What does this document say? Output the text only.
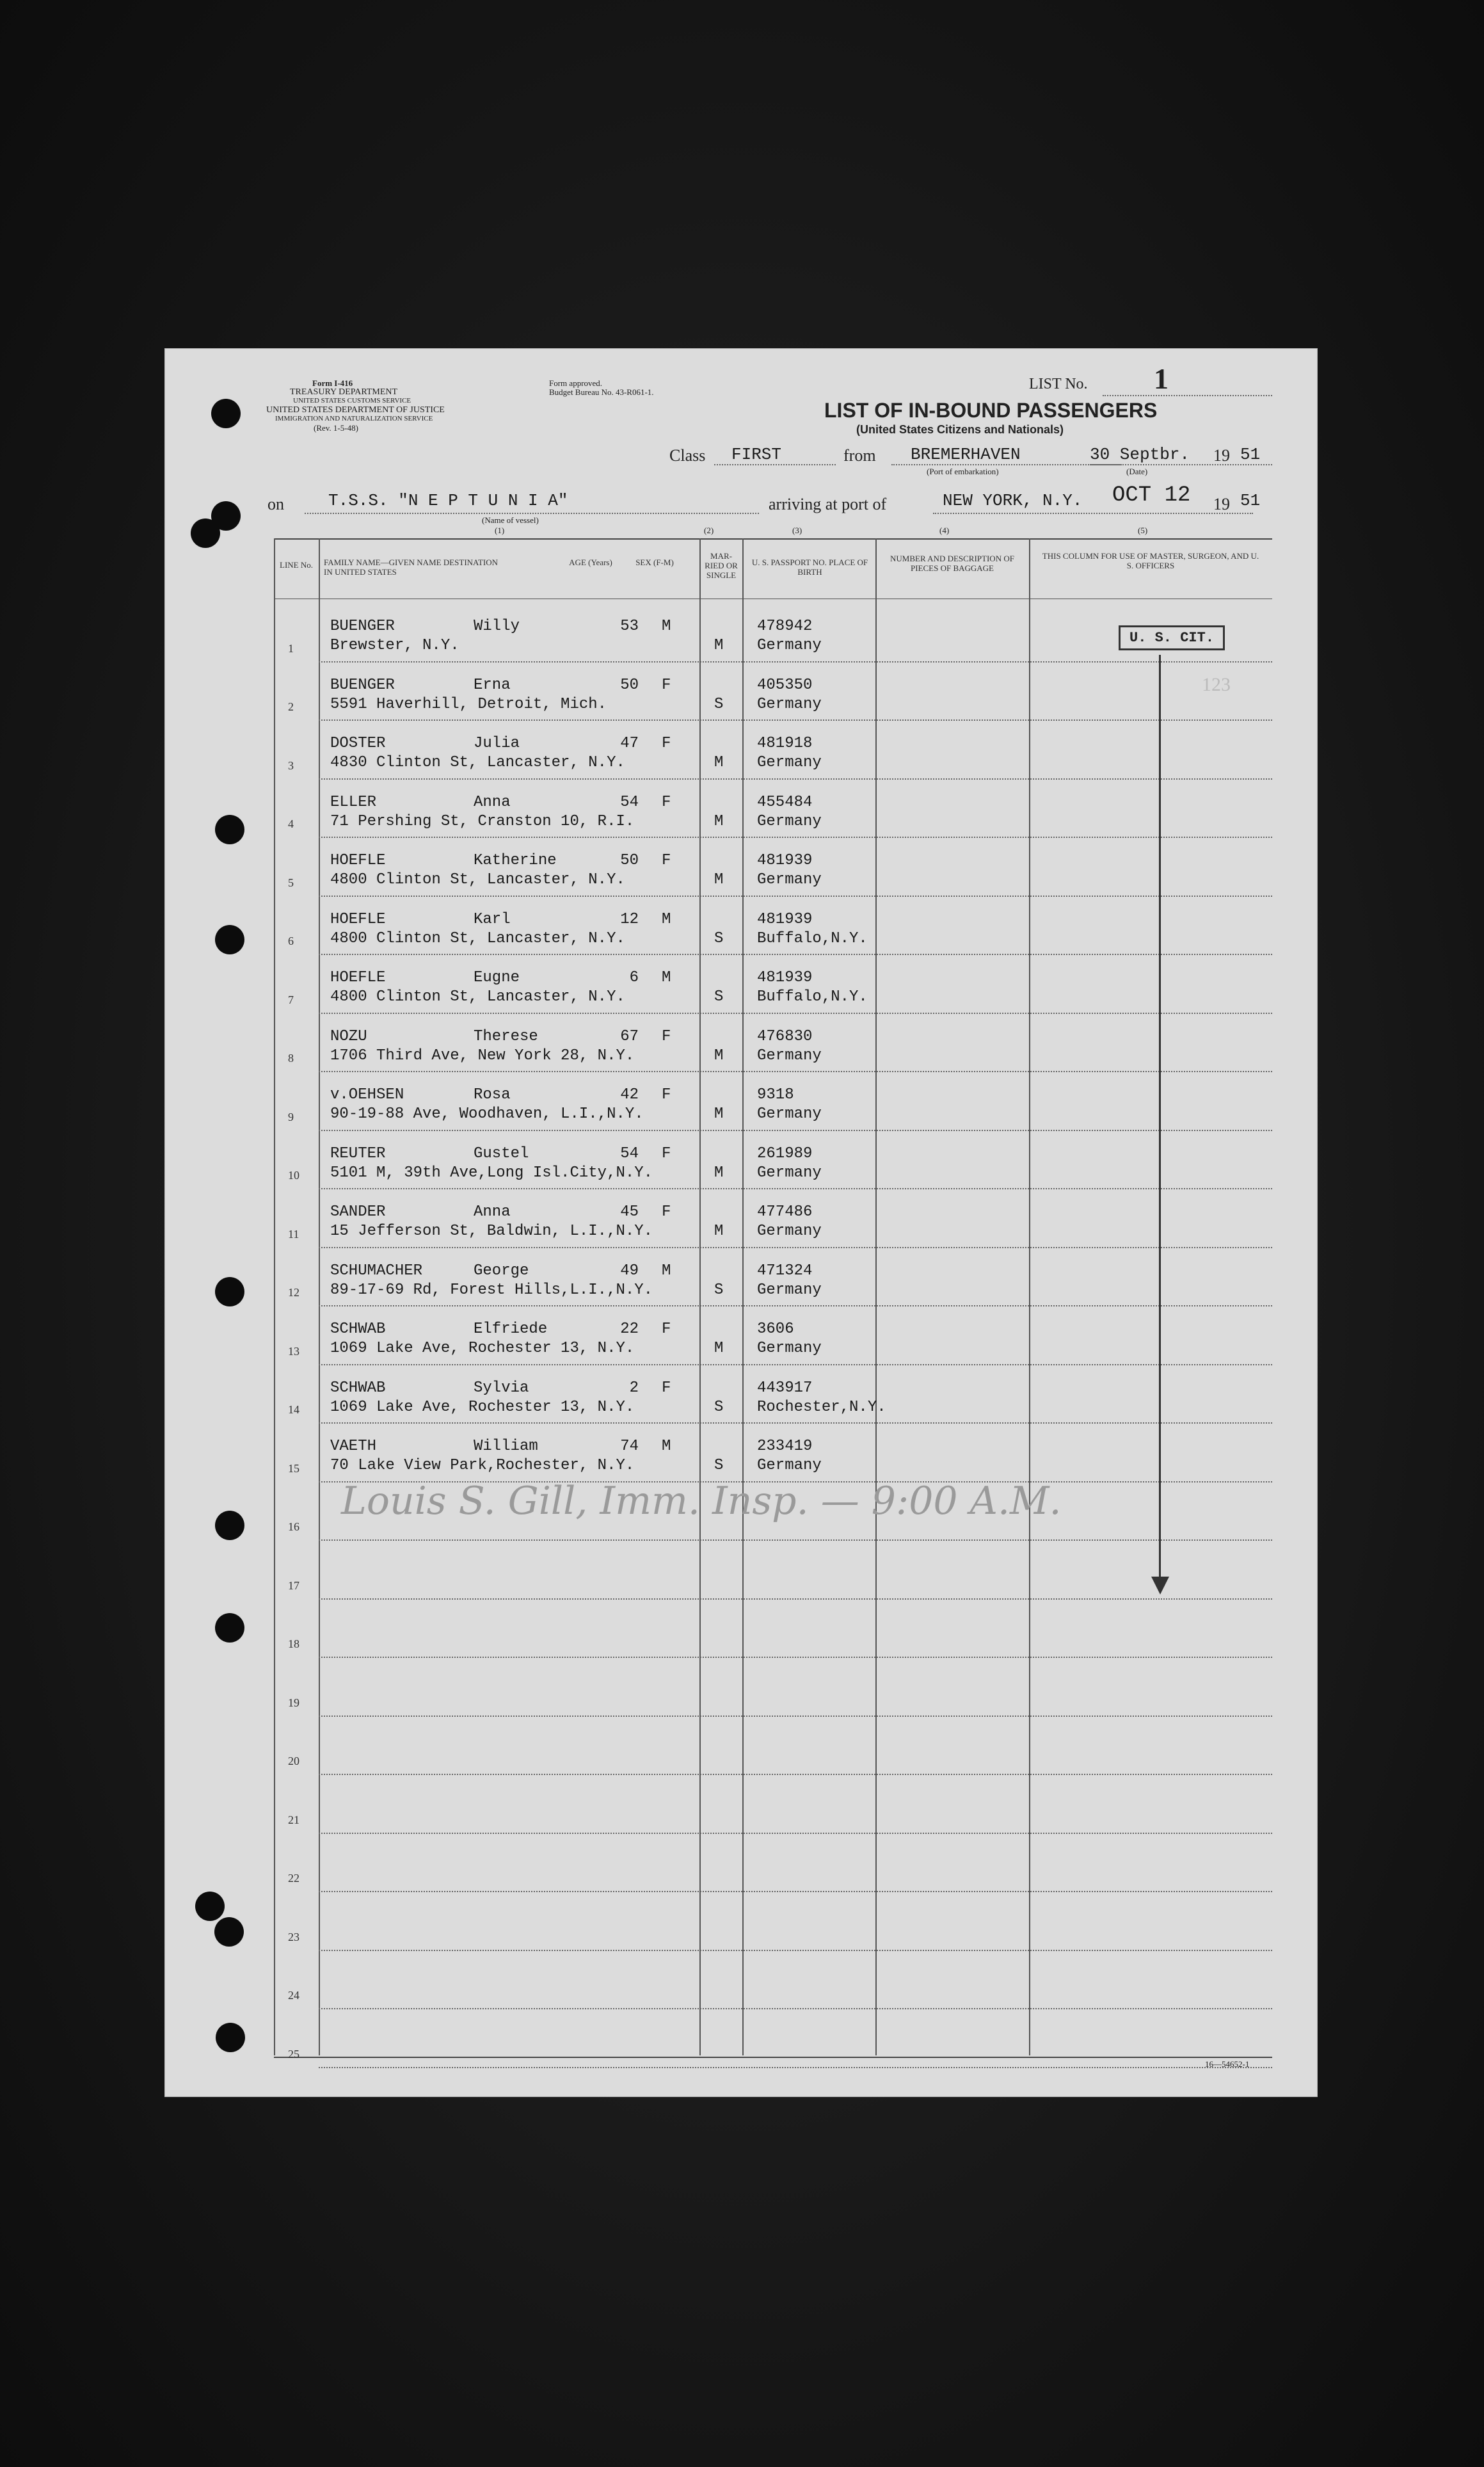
Form I-416
TREASURY DEPARTMENT
UNITED STATES CUSTOMS SERVICE
UNITED STATES DEPARTMENT OF JUSTICE
IMMIGRATION AND NATURALIZATION SERVICE
(Rev. 1-5-48)
Form approved.
Budget Bureau No. 43-R061-1.	LIST No. 1
LIST OF IN-BOUND PASSENGERS
(United States Citizens and Nationals)
Class FIRST	from BREMERHAVEN
(Port of embarkation)
30 Septbr. 19 51
(Date)
on	T.S.S. "N E P T U N I A"
(Name of vessel)
arriving at port of	NEW YORK, N.Y. OCT 12 19 51
(1)	(2)	(3)	(4)	(5)
LINE No.	FAMILY NAME—GIVEN NAME DESTINATION IN UNITED STATES
AGE (Years)	SEX (F-M)
MAR-RIED OR SINGLE
U. S. PASSPORT NO. PLACE OF BIRTH
NUMBER AND DESCRIPTION OF PIECES OF BAGGAGE
THIS COLUMN FOR USE OF MASTER, SURGEON, AND U. S. OFFICERS
1
BUENGER	Willy	53 M
Brewster, N.Y.	M
478942
Germany
2
BUENGER	Erna	50 F
5591 Haverhill, Detroit, Mich.	S
405350
Germany
3
DOSTER	Julia	47 F
4830 Clinton St, Lancaster, N.Y.	M
481918
Germany
4
ELLER	Anna	54 F
71 Pershing St, Cranston 10, R.I.	M
455484
Germany
5
HOEFLE	Katherine	50 F
4800 Clinton St, Lancaster, N.Y.	M
481939
Germany
6
HOEFLE	Karl	12 M
4800 Clinton St, Lancaster, N.Y.	S
481939
Buffalo,N.Y.
7
HOEFLE	Eugne	6 M
4800 Clinton St, Lancaster, N.Y.	S
481939
Buffalo,N.Y.
8
NOZU	Therese	67 F
1706 Third Ave, New York 28, N.Y.	M
476830
Germany
9
v.OEHSEN	Rosa	42 F
90-19-88 Ave, Woodhaven, L.I.,N.Y.	M
9318
Germany
10
REUTER	Gustel	54 F
5101 M, 39th Ave,Long Isl.City,N.Y.	M
261989
Germany
11
SANDER	Anna	45 F
15 Jefferson St, Baldwin, L.I.,N.Y.	M
477486
Germany
12
SCHUMACHER	George	49 M
89-17-69 Rd, Forest Hills,L.I.,N.Y.	S
471324
Germany
13
SCHWAB	Elfriede	22 F
1069 Lake Ave, Rochester 13, N.Y.	M
3606
Germany
14
SCHWAB	Sylvia	2 F
1069 Lake Ave, Rochester 13, N.Y.	S
443917
Rochester,N.Y.
15
VAETH	William	74 M
70 Lake View Park,Rochester, N.Y.	S
233419
Germany
16
17
18
19
20
21
22
23
24
25
U. S. CIT.
123
Louis S. Gill, Imm. Insp. — 9:00 A.M.
16—54652-1
